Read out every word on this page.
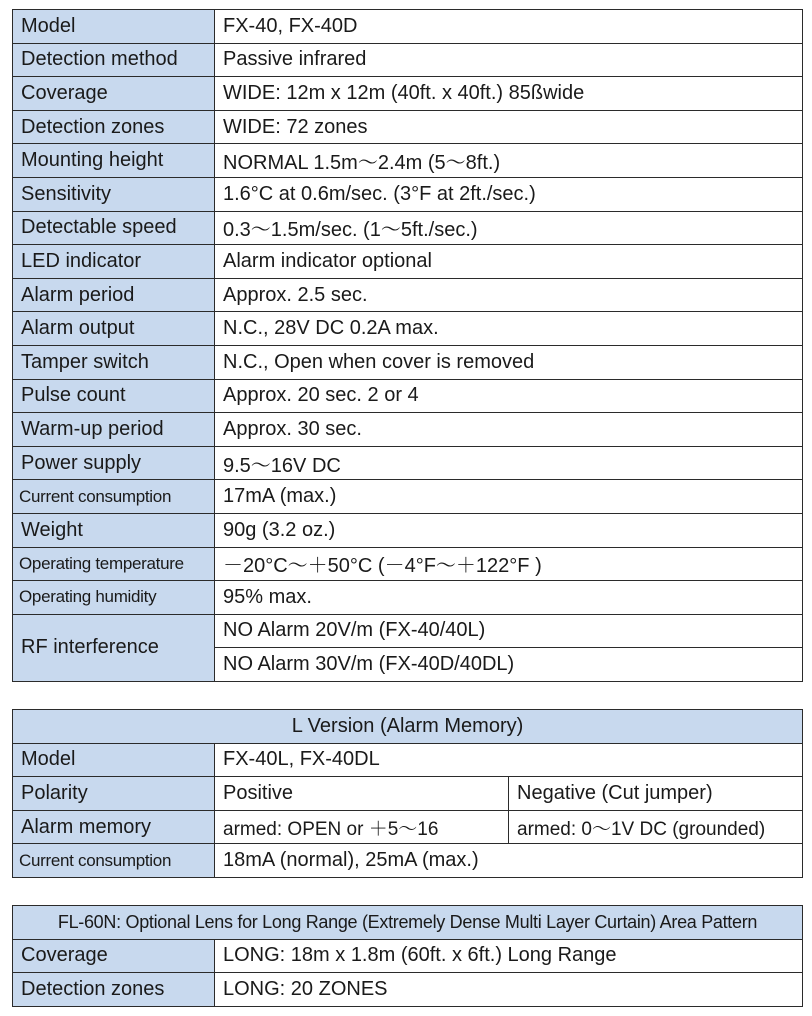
Model	FX-40, FX-40D
Detection method	Passive infrared
Coverage	WIDE: 12m x 12m (40ft. x 40ft.) 85ßwide
Detection zones	WIDE: 72 zones
Mounting height	NORMAL 1.5m～2.4m (5～8ft.)
Sensitivity	1.6°C at 0.6m/sec. (3°F at 2ft./sec.)
Detectable speed	0.3～1.5m/sec. (1～5ft./sec.)
LED indicator	Alarm indicator optional
Alarm period	Approx. 2.5 sec.
Alarm output	N.C., 28V DC 0.2A max.
Tamper switch	N.C., Open when cover is removed
Pulse count	Approx. 20 sec. 2 or 4
Warm-up period	Approx. 30 sec.
Power supply	9.5～16V DC
Current consumption	17mA (max.)
Weight	90g (3.2 oz.)
Operating temperature	－20°C～＋50°C (－4°F～＋122°F )
Operating humidity	95% max.
RF interference	NO Alarm 20V/m (FX-40/40L)
	NO Alarm 30V/m (FX-40D/40DL)
L Version (Alarm Memory)		
Model	FX-40L, FX-40DL	
Polarity	Positive	Negative (Cut jumper)
Alarm memory	armed: OPEN or ＋5～16	armed: 0～1V DC (grounded)
Current consumption	18mA (normal), 25mA (max.)	
FL-60N: Optional Lens for Long Range (Extremely Dense Multi Layer Curtain) Area Pattern	
Coverage	LONG: 18m x 1.8m (60ft. x 6ft.) Long Range
Detection zones	LONG: 20 ZONES
